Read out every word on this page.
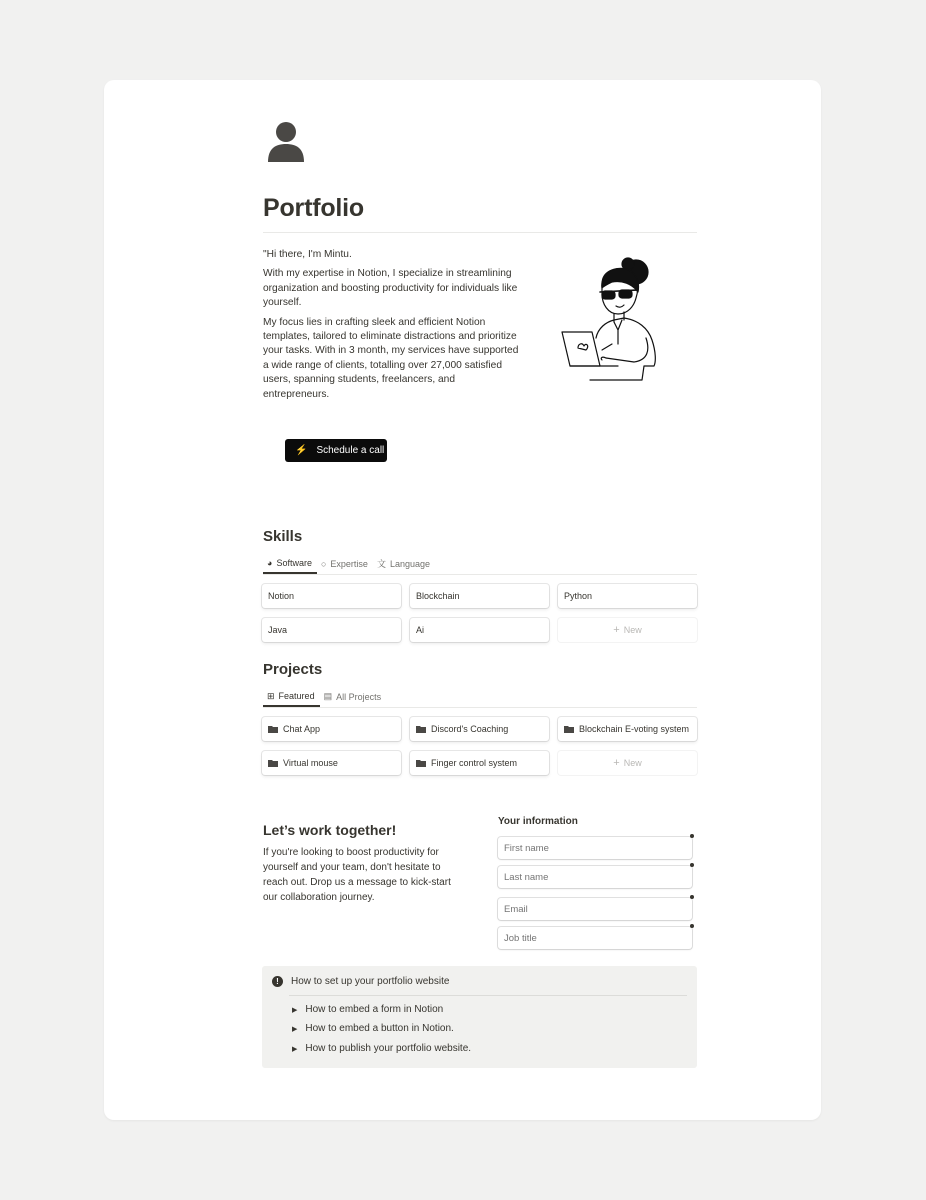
Portfolio

"Hi there, I'm Mintu.

With my expertise in Notion, I specialize in streamlining organization and boosting productivity for individuals like yourself.

My focus lies in crafting sleek and efficient Notion templates, tailored to eliminate distractions and prioritize your tasks. With in 3 month, my services have supported a wide range of clients, totalling over 27,000 satisfied users, spanning students, freelancers, and entrepreneurs.

⚡ Schedule a call
Skills
◕ Software ○ Expertise 文 Language
Notion	Blockchain	Python
Java	Ai	+ New
Projects
⊞ Featured ▤ All Projects
Chat App	Discord's Coaching	Blockchain E-voting system
Virtual mouse	Finger control system	+ New
Let’s work together!
If you're looking to boost productivity for yourself and your team, don't hesitate to reach out. Drop us a message to kick-start our collaboration journey.
Your information
First name
Last name
Email
Job title
!	How to set up your portfolio website
▶ How to embed a form in Notion
▶ How to embed a button in Notion.
▶ How to publish your portfolio website.
